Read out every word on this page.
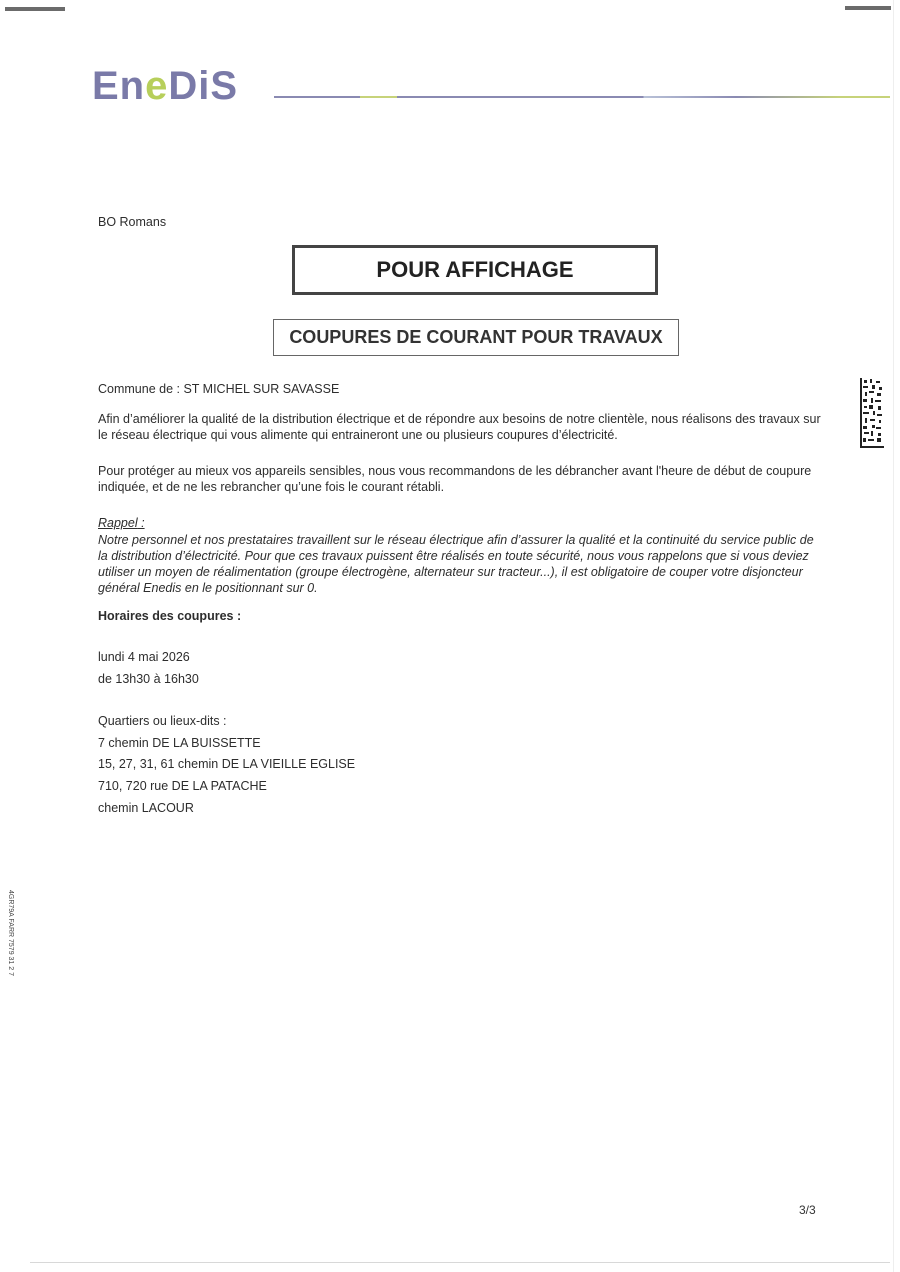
EneDiS
BO Romans
POUR AFFICHAGE
COUPURES DE COURANT POUR TRAVAUX
Commune de : ST MICHEL SUR SAVASSE
Afin d’améliorer la qualité de la distribution électrique et de répondre aux besoins de notre clientèle, nous réalisons des travaux sur le réseau électrique qui vous alimente qui entraineront une ou plusieurs coupures d’électricité.
Pour protéger au mieux vos appareils sensibles, nous vous recommandons de les débrancher avant l'heure de début de coupure indiquée, et de ne les rebrancher qu’une fois le courant rétabli.
Rappel :
Notre personnel et nos prestataires travaillent sur le réseau électrique afin d’assurer la qualité et la continuité du service public de la distribution d’électricité. Pour que ces travaux puissent être réalisés en toute sécurité, nous vous rappelons que si vous deviez utiliser un moyen de réalimentation (groupe électrogène, alternateur sur tracteur...), il est obligatoire de couper votre disjoncteur général Enedis en le positionnant sur 0.
Horaires des coupures :
lundi 4 mai 2026
de 13h30 à 16h30
Quartiers ou lieux-dits :
7 chemin DE LA BUISSETTE
15, 27, 31, 61 chemin DE LA VIEILLE EGLISE
710, 720 rue DE LA PATACHE
chemin LACOUR
4GR79A FARR 7579 31 2 7
3/3
